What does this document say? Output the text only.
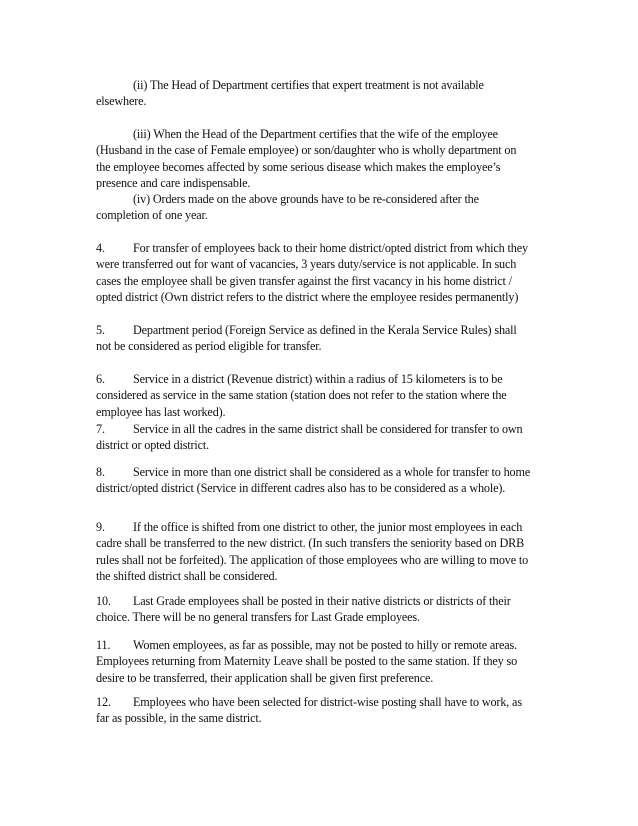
(ii) The Head of Department certifies that expert treatment is not available elsewhere.

(iii) When the Head of the Department certifies that the wife of the employee (Husband in the case of Female employee) or son/daughter who is wholly department on the employee becomes affected by some serious disease which makes the employee’s presence and care indispensable.

(iv) Orders made on the above grounds have to be re-considered after the completion of one year.

4. For transfer of employees back to their home district/opted district from which they were transferred out for want of vacancies, 3 years duty/service is not applicable. In such cases the employee shall be given transfer against the first vacancy in his home district / opted district (Own district refers to the district where the employee resides permanently)

5. Department period (Foreign Service as defined in the Kerala Service Rules) shall not be considered as period eligible for transfer.

6. Service in a district (Revenue district) within a radius of 15 kilometers is to be considered as service in the same station (station does not refer to the station where the employee has last worked).

7. Service in all the cadres in the same district shall be considered for transfer to own district or opted district.

8. Service in more than one district shall be considered as a whole for transfer to home district/opted district (Service in different cadres also has to be considered as a whole).

9. If the office is shifted from one district to other, the junior most employees in each cadre shall be transferred to the new district. (In such transfers the seniority based on DRB rules shall not be forfeited). The application of those employees who are willing to move to the shifted district shall be considered.

10. Last Grade employees shall be posted in their native districts or districts of their choice. There will be no general transfers for Last Grade employees.

11. Women employees, as far as possible, may not be posted to hilly or remote areas. Employees returning from Maternity Leave shall be posted to the same station. If they so desire to be transferred, their application shall be given first preference.

12. Employees who have been selected for district-wise posting shall have to work, as far as possible, in the same district.
